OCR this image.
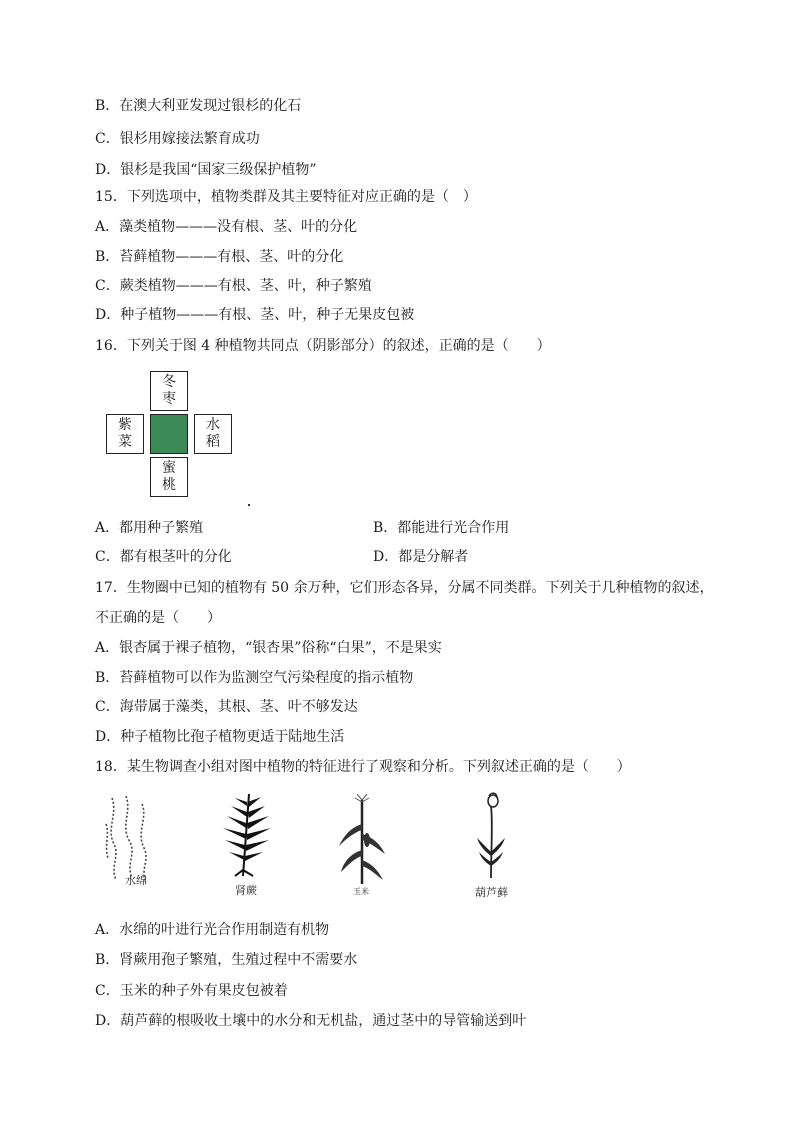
B．在澳大利亚发现过银杉的化石
C．银杉用嫁接法繁育成功
D．银杉是我国“国家三级保护植物”
15．下列选项中，植物类群及其主要特征对应正确的是（　）
A．藻类植物———没有根、茎、叶的分化
B．苔藓植物———有根、茎、叶的分化
C．蕨类植物———有根、茎、叶，种子繁殖
D．种子植物———有根、茎、叶，种子无果皮包被
16．下列关于图 4 种植物共同点（阴影部分）的叙述，正确的是（　　）
冬
枣
紫
菜
水
稻
蜜
桃
A．都用种子繁殖	B．都能进行光合作用
C．都有根茎叶的分化	D．都是分解者
17．生物圈中已知的植物有 50 余万种，它们形态各异，分属不同类群。下列关于几种植物的叙述，
不正确的是（　　）
A．银杏属于裸子植物，“银杏果”俗称“白果”，不是果实
B．苔藓植物可以作为监测空气污染程度的指示植物
C．海带属于藻类，其根、茎、叶不够发达
D．种子植物比孢子植物更适于陆地生活
18．某生物调查小组对图中植物的特征进行了观察和分析。下列叙述正确的是（　　）
水绵
肾蕨	玉米	葫芦藓
A．水绵的叶进行光合作用制造有机物
B．肾蕨用孢子繁殖，生殖过程中不需要水
C．玉米的种子外有果皮包被着
D．葫芦藓的根吸收土壤中的水分和无机盐，通过茎中的导管输送到叶
